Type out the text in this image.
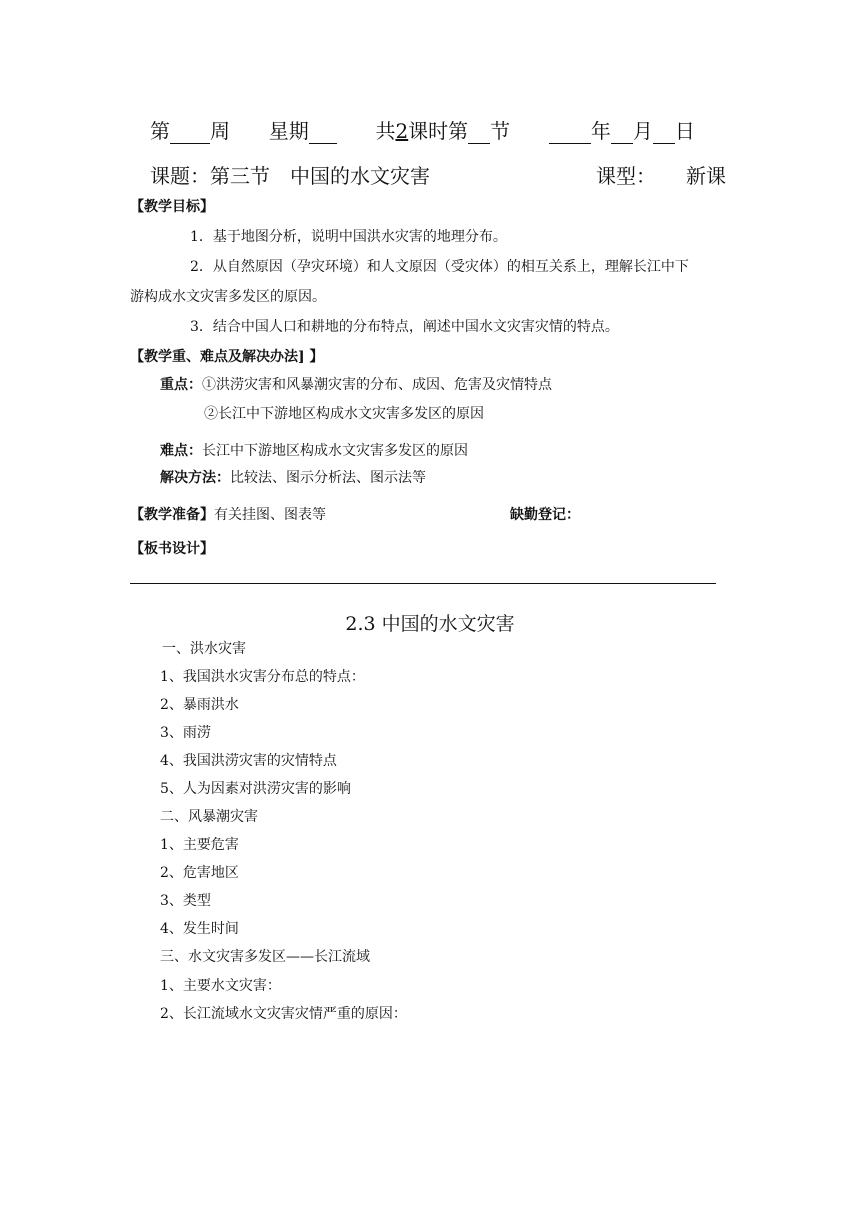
第 周 星期	共2课时第 节	年 月 日
课题：第三节　中国的水文灾害	课型： 新课
【教学目标】
1．基于地图分析，说明中国洪水灾害的地理分布。
2．从自然原因（孕灾环境）和人文原因（受灾体）的相互关系上，理解长江中下
游构成水文灾害多发区的原因。
3．结合中国人口和耕地的分布特点，阐述中国水文灾害灾情的特点。
【教学重、难点及解决办法] 】
重点：①洪涝灾害和风暴潮灾害的分布、成因、危害及灾情特点
②长江中下游地区构成水文灾害多发区的原因
难点：长江中下游地区构成水文灾害多发区的原因
解决方法：比较法、图示分析法、图示法等
【教学准备】有关挂图、图表等	缺勤登记：
【板书设计】
2.3 中国的水文灾害
一、洪水灾害
1、我国洪水灾害分布总的特点：
2、暴雨洪水
3、雨涝
4、我国洪涝灾害的灾情特点
5、人为因素对洪涝灾害的影响
二、风暴潮灾害
1、主要危害
2、危害地区
3、类型
4、发生时间
三、水文灾害多发区——长江流域
1、主要水文灾害：
2、长江流域水文灾害灾情严重的原因：
